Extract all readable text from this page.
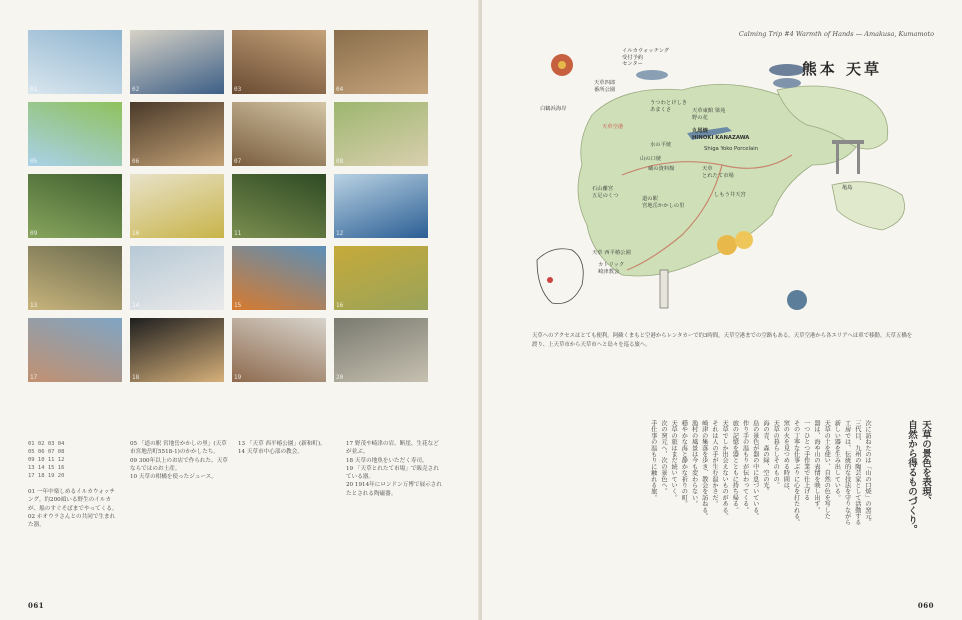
01	02	03	04
05	06	07	08
09	10	11	12
13	14	15	16
17	18	19	20
01 02 03 04
05 06 07 08
09 10 11 12
13 14 15 16
17 18 19 20
01 一年中楽しめるイルカウォッチング。約200頭いる野生のイルカが、船のすぐそばまでやってくる。
02 ホオウラさんとの共同で生まれた器。
05 「道の駅 宮地岳かかしの里」(天草市宮地岳町5518-1)のかかしたち。
09 300年以上のお店で作られた、天草ならではのお土産。
10 天草の柑橘を使ったジュース。
13 「天草 西平椿公園」(新和町)。
14 天草市中心部の教会。
17 野茂や崎津の岩、断崖、生花などが並ぶ。
18 天草の地魚をいただく寿司。
19 「天草とれたて市場」で販売されている器。
20 1914年にロンドン万博で展示されたとされる陶磁器。
061
Calming Trip #4 Warmth of Hands — Amakusa, Kumamoto
熊本 天草
イルカウォッチング
受付予約
センター
天草四郎
番所公園
白鶴浜海岸
うつわとけしき
あまくさ
天草空港
天草東館 梁苑
野の花
丸尾焼
HINOKI KANAZAWA
Shiga Yoko Porcelain
水の平焼
山の口焼
蔵の資料館	天草
とれたて市場
石山離宮
五足のくつ
道の駅
宮地岳かかしの里
しもう井天宮
天草 西平椿公園
カトリック
崎津教会
亀島
天草へのアクセスはとても便利。阿蘇くまもと空港からレンタカーで約3時間。天草空港までの空路もある。天草空港から各エリアへは車で移動。天草五橋を渡り、上天草市から天草市へと島々を巡る旅へ。
天草の景色を表現、
自然から得るものづくり。
次に訪ねたのは「山の口焼」の窯元。
三代目、九州の陶芸家として活動する
工房では、伝統的な技法を守りながら
新しい器を生み出している。
天草の土を使い、自然の色を写した
器は、海や山の表情を映し出す。
一つひとつ手作業で仕上げる
その丁寧な仕事ぶりに心を打たれる。
窯の火を見つめる時間は、
天草の暮らしそのもの。
海の青、森の緑、空の光。
島の景色が器の中に息づいている。
作り手の温もりが伝わってくる。
旅の記憶を器とともに持ち帰る。
天草でしか出会えないものがある。
それは人の手が生む温かさだ。
崎津の集落を歩き、教会を訪ねる。
漁村の風景は今も変わらない。
穏やかな海と静かな祈りの町。
天草の旅はまだ続いていく。
次の窯元へ、次の景色へ。
手仕事の温もりに触れる旅。
060
